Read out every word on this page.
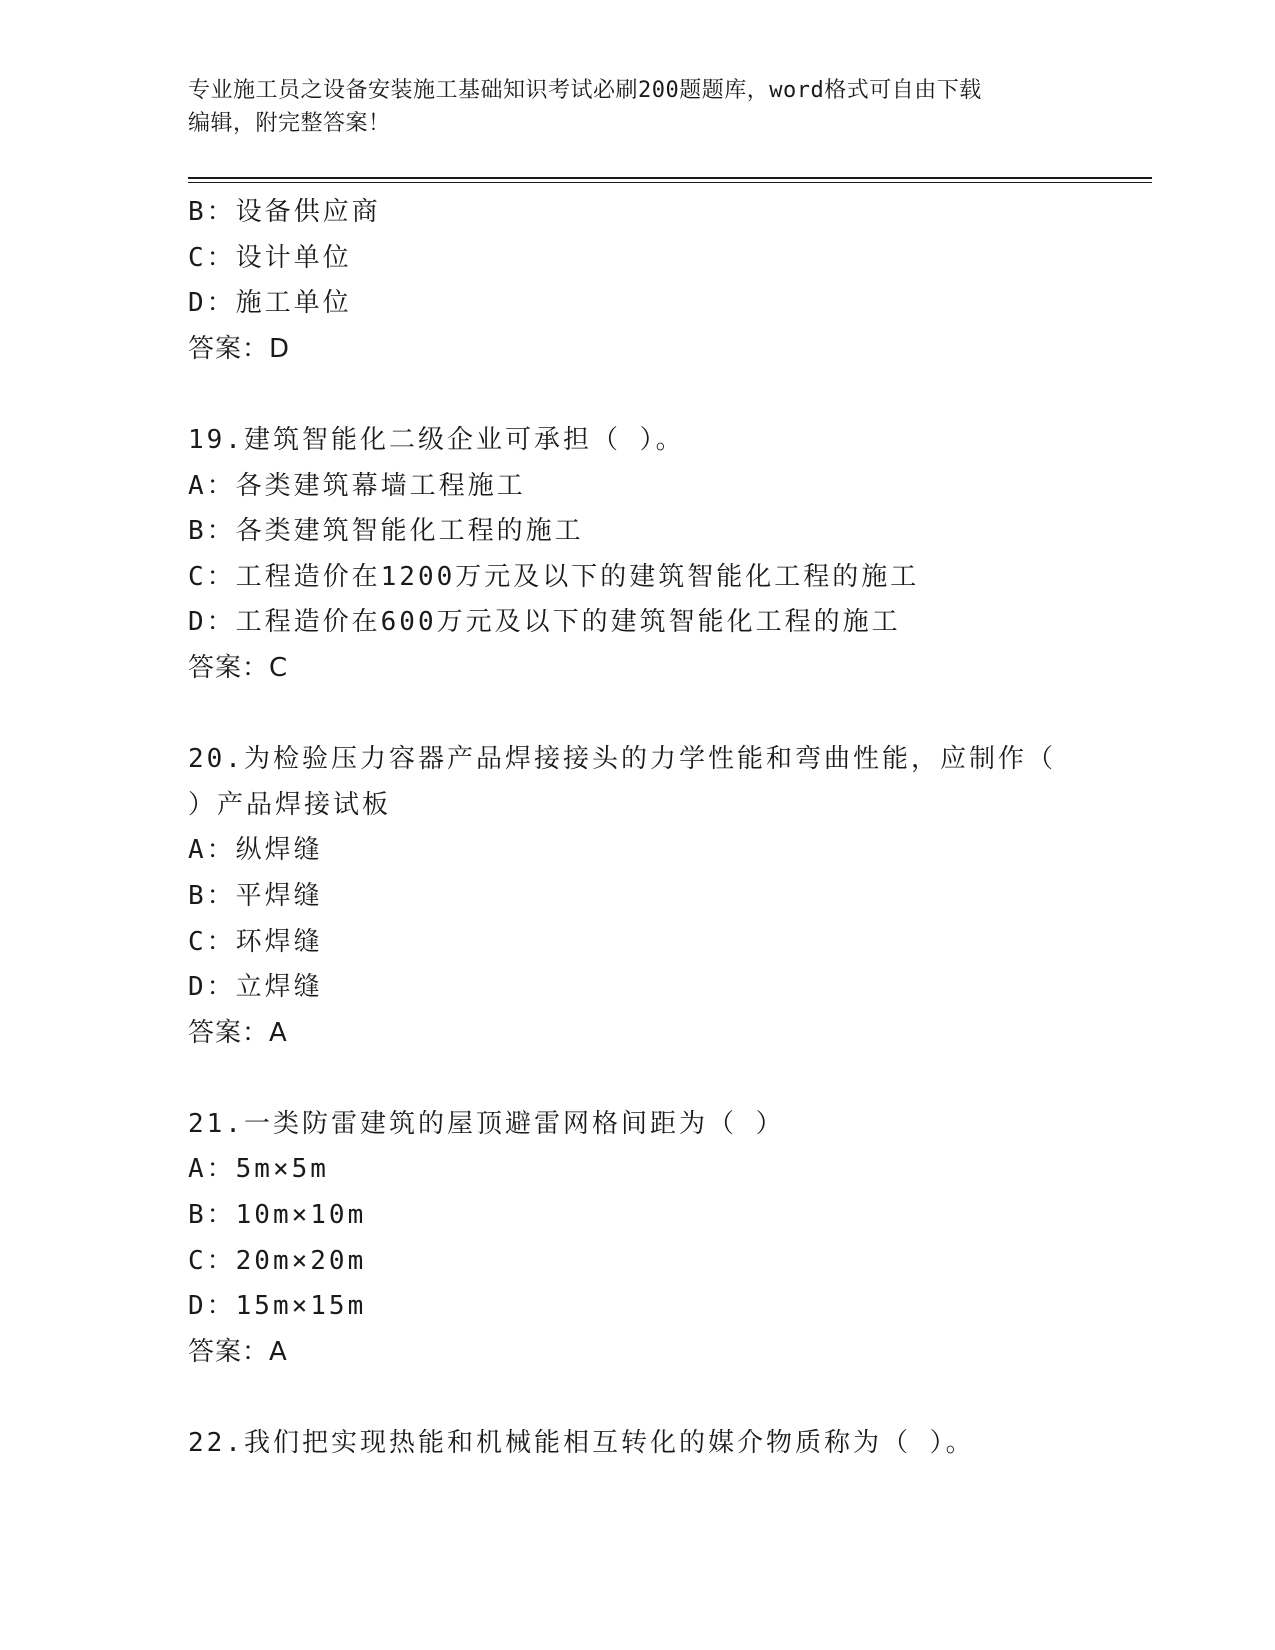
专业施工员之设备安装施工基础知识考试必刷200题题库，word格式可自由下载
编辑，附完整答案！
B：设备供应商
C：设计单位
D：施工单位
答案：D
19.建筑智能化二级企业可承担（ ）。
A：各类建筑幕墙工程施工
B：各类建筑智能化工程的施工
C：工程造价在1200万元及以下的建筑智能化工程的施工
D：工程造价在600万元及以下的建筑智能化工程的施工
答案：C
20.为检验压力容器产品焊接接头的力学性能和弯曲性能，应制作（
）产品焊接试板
A：纵焊缝
B：平焊缝
C：环焊缝
D：立焊缝
答案：A
21.一类防雷建筑的屋顶避雷网格间距为（ ）
A：5m×5m
B：10m×10m
C：20m×20m
D：15m×15m
答案：A
22.我们把实现热能和机械能相互转化的媒介物质称为（ ）。
